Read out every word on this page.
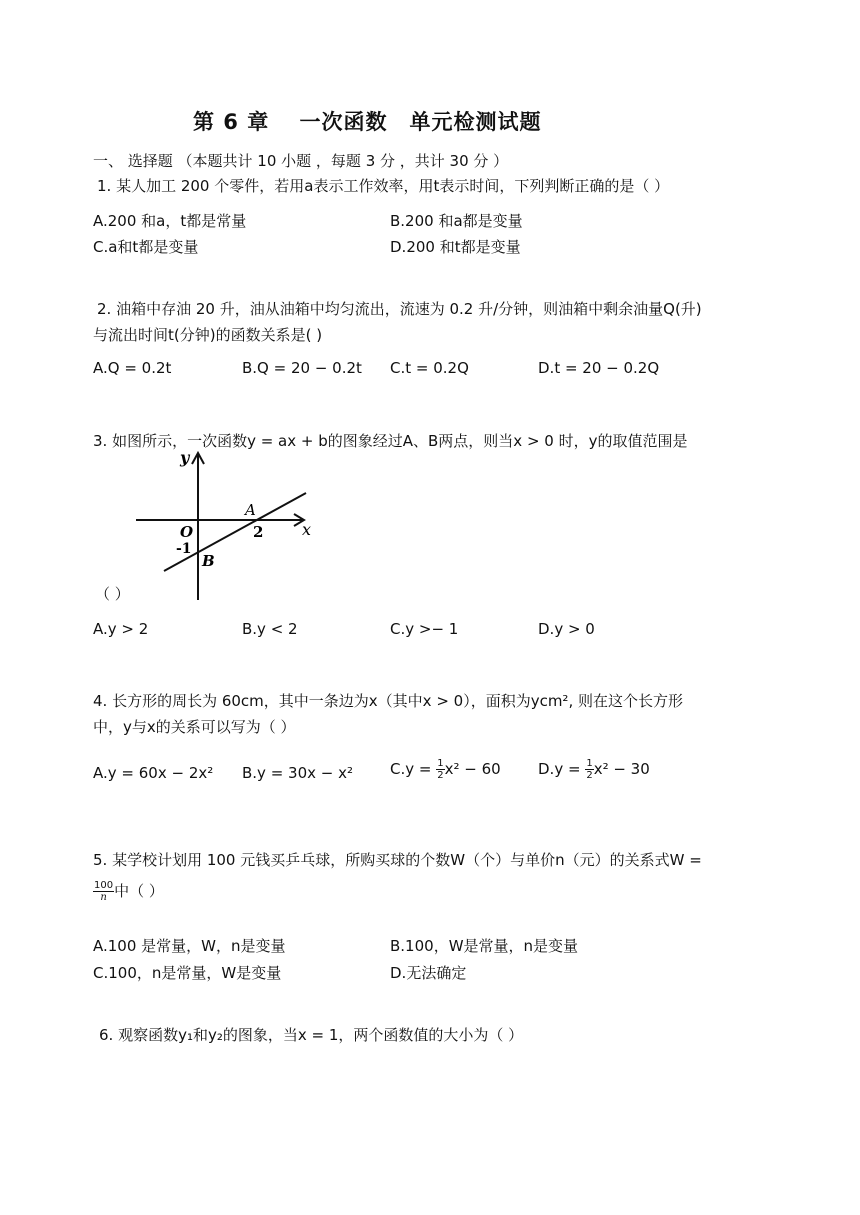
第 6 章　 一次函数　单元检测试题
一、 选择题 （本题共计 10 小题 ，每题 3 分 ，共计 30 分 ）
1. 某人加工 200 个零件，若用a表示工作效率，用t表示时间，下列判断正确的是（ ）
A.200 和a，t都是常量	B.200 和a都是变量
C.a和t都是变量	D.200 和t都是变量
2. 油箱中存油 20 升，油从油箱中均匀流出，流速为 0.2 升/分钟，则油箱中剩余油量Q(升)
与流出时间t(分钟)的函数关系是( )
A.Q = 0.2t	B.Q = 20 − 0.2t C.t = 0.2Q	D.t = 20 − 0.2Q
3. 如图所示，一次函数y = ax + b的图象经过A、B两点，则当x > 0 时，y的取值范围是
y
x
O
A
2
-1
B
（ ）
A.y > 2	B.y < 2	C.y >− 1	D.y > 0
4. 长方形的周长为 60cm，其中一条边为x（其中x > 0），面积为ycm², 则在这个长方形
中，y与x的关系可以写为（ ）
A.y = 60x − 2x² B.y = 30x − x² $C.y = \frac{1}{2} x^2 - 60$ $D.y = \frac{1}{2} x^2 - 30$
5. 某学校计划用 100 元钱买乒乓球，所购买球的个数W（个）与单价n（元）的关系式W =
$\frac{100}{n}$ 中（ ）
A.100 是常量，W，n是变量	B.100，W是常量，n是变量
C.100，n是常量，W是变量	D.无法确定
6. 观察函数y₁和y₂的图象，当x = 1，两个函数值的大小为（ ）
